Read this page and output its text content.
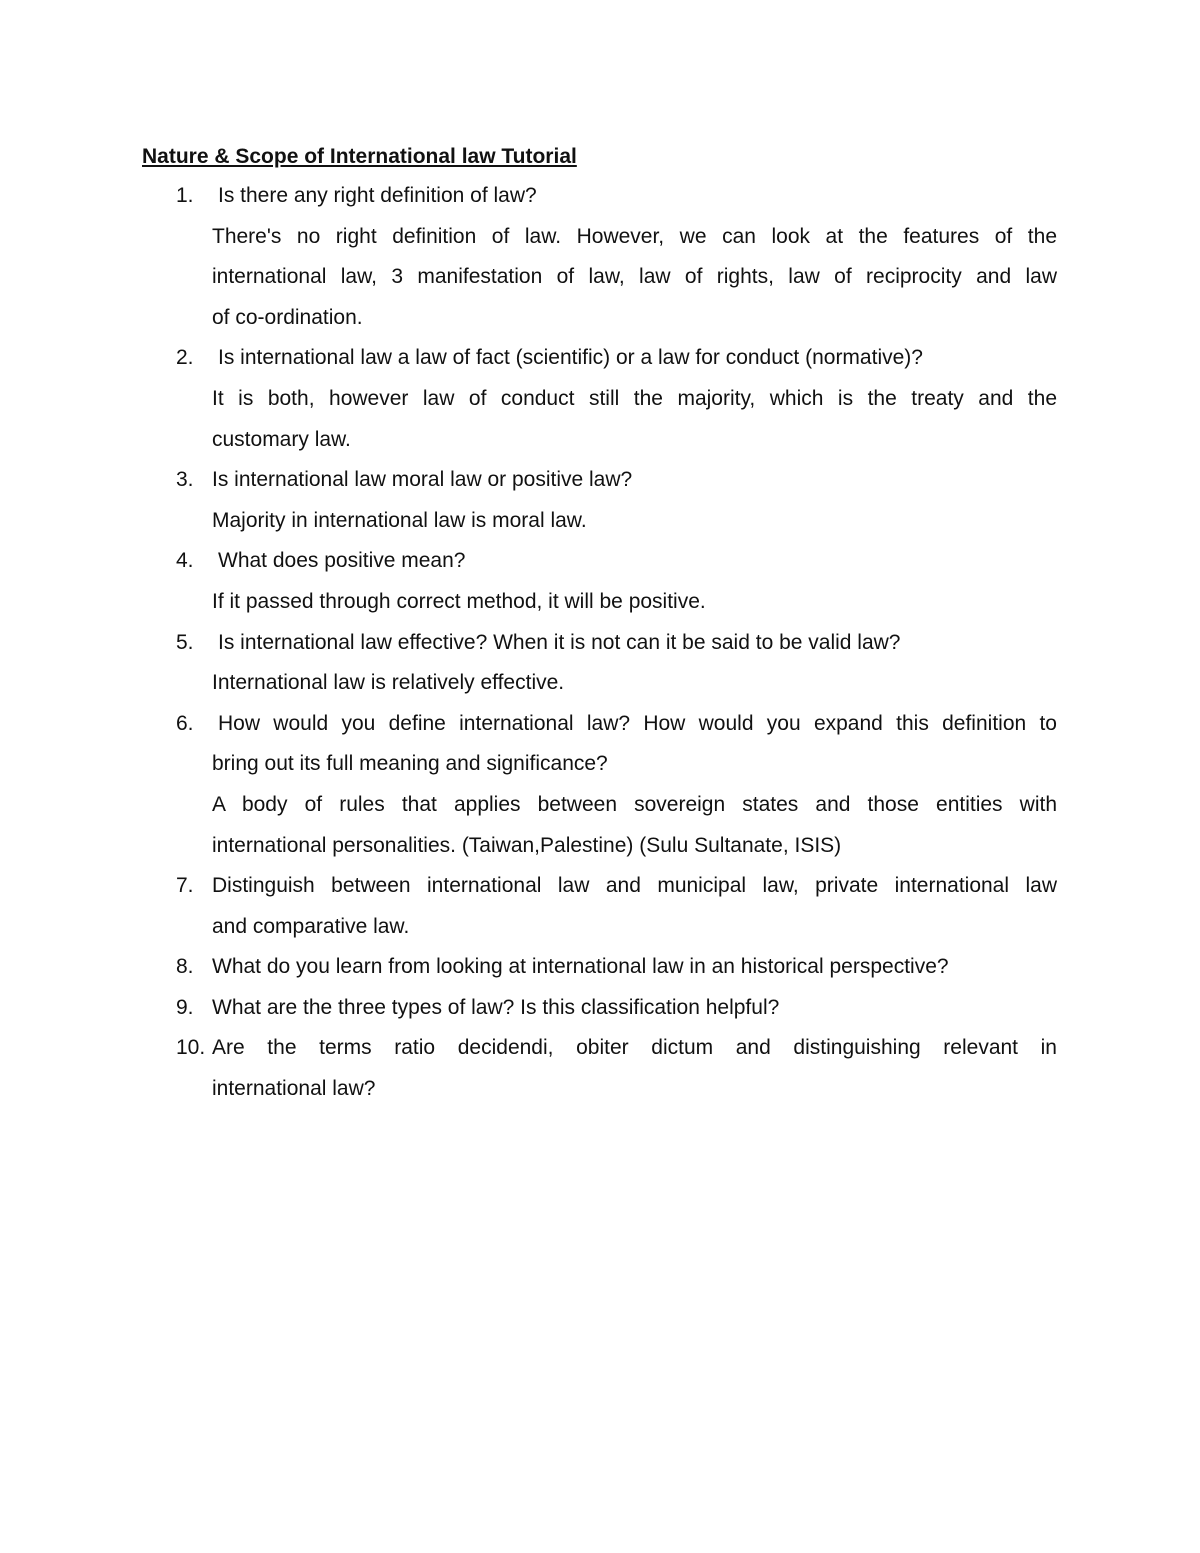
Nature & Scope of International law Tutorial
1. Is there any right definition of law?
There's no right definition of law. However, we can look at the features of the
international law, 3 manifestation of law, law of rights, law of reciprocity and law
of co-ordination.
2. Is international law a law of fact (scientific) or a law for conduct (normative)?
It is both, however law of conduct still the majority, which is the treaty and the
customary law.
3. Is international law moral law or positive law?
Majority in international law is moral law.
4. What does positive mean?
If it passed through correct method, it will be positive.
5. Is international law effective? When it is not can it be said to be valid law?
International law is relatively effective.
6. How would you define international law? How would you expand this definition to
bring out its full meaning and significance?
A body of rules that applies between sovereign states and those entities with
international personalities. (Taiwan,Palestine) (Sulu Sultanate, ISIS)
7. Distinguish between international law and municipal law, private international law
and comparative law.
8. What do you learn from looking at international law in an historical perspective?
9. What are the three types of law? Is this classification helpful?
10. Are the terms ratio decidendi, obiter dictum and distinguishing relevant in
international law?
